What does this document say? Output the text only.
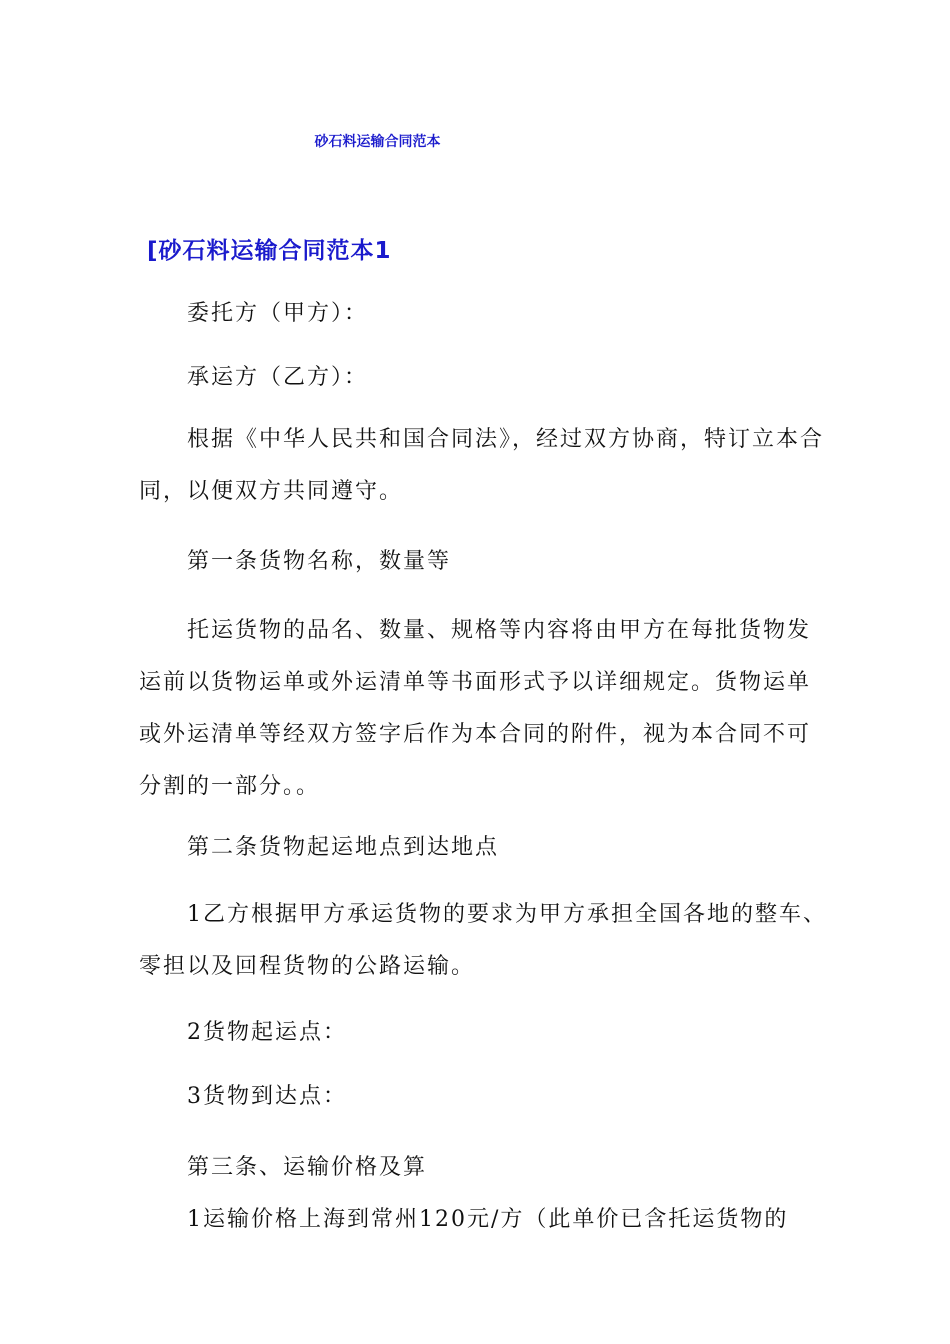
砂石料运输合同范本
[砂石料运输合同范本1

委托方（甲方）：

承运方（乙方）：

根据《中华人民共和国合同法》，经过双方协商，特订立本合同，以便双方共同遵守。

第一条货物名称，数量等

托运货物的品名、数量、规格等内容将由甲方在每批货物发运前以货物运单或外运清单等书面形式予以详细规定。货物运单或外运清单等经双方签字后作为本合同的附件，视为本合同不可分割的一部分。。

第二条货物起运地点到达地点

1乙方根据甲方承运货物的要求为甲方承担全国各地的整车、零担以及回程货物的公路运输。

2货物起运点：

3货物到达点：

第三条、运输价格及算

1运输价格上海到常州120元/方（此单价已含托运货物的
